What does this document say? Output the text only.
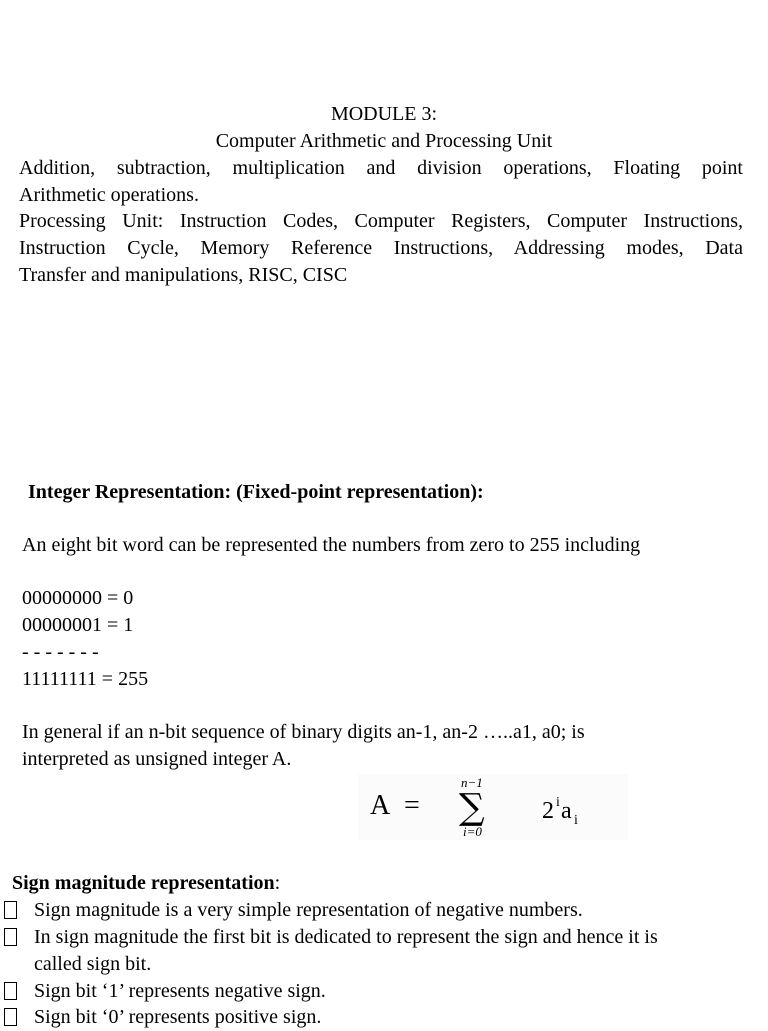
MODULE 3:
Computer Arithmetic and Processing Unit
Addition, subtraction, multiplication and division operations, Floating point
Arithmetic operations.
Processing Unit: Instruction Codes, Computer Registers, Computer Instructions,
Instruction Cycle, Memory Reference Instructions, Addressing modes, Data
Transfer and manipulations, RISC, CISC
Integer Representation: (Fixed-point representation):
An eight bit word can be represented the numbers from zero to 255 including
00000000 = 0
00000001 = 1
- - - - - - -
11111111 = 255
In general if an n-bit sequence of binary digits an-1, an-2 …..a1, a0; is
interpreted as unsigned integer A.
A =
n−1
∑
i=0
2 i a i
Sign magnitude representation:
Sign magnitude is a very simple representation of negative numbers.
In sign magnitude the first bit is dedicated to represent the sign and hence it is
called sign bit.
Sign bit ‘1’ represents negative sign.
Sign bit ‘0’ represents positive sign.
